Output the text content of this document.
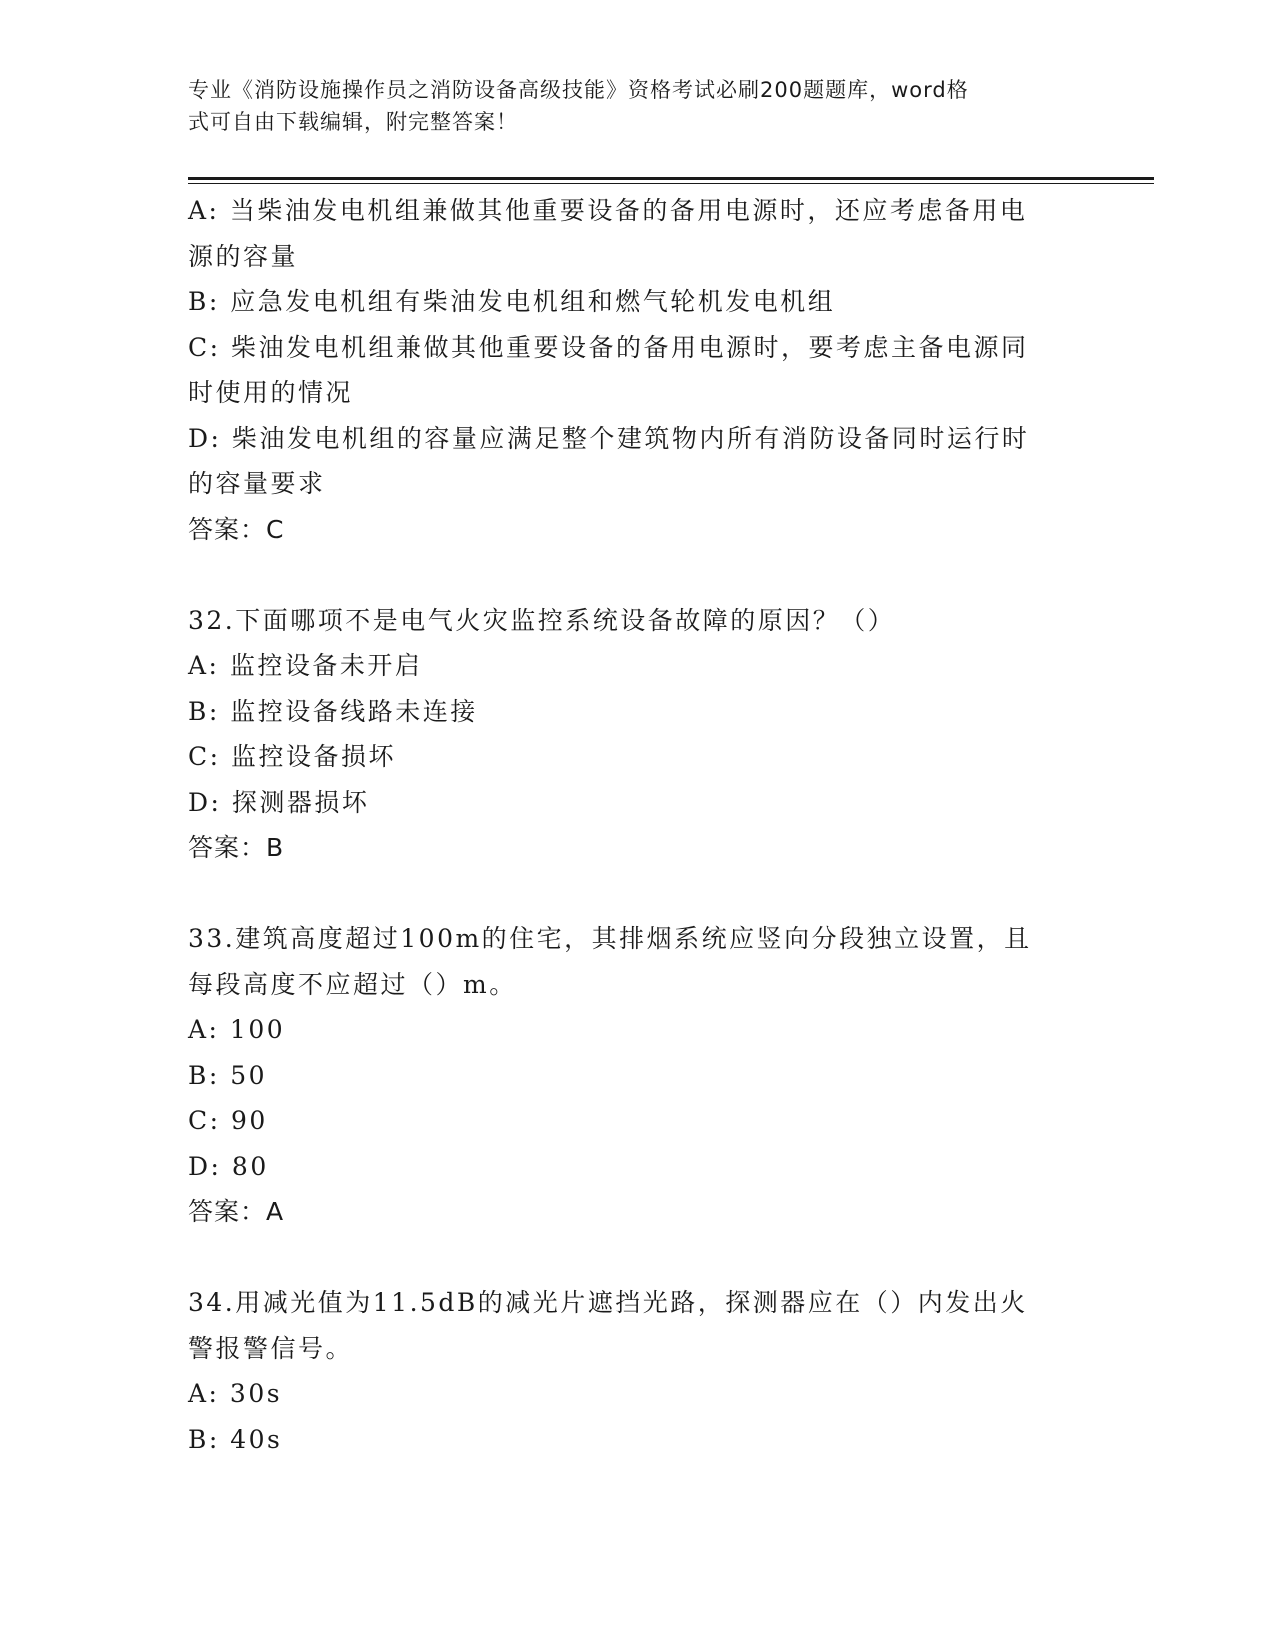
专业《消防设施操作员之消防设备高级技能》资格考试必刷200题题库，word格
式可自由下载编辑，附完整答案！
A: 当柴油发电机组兼做其他重要设备的备用电源时，还应考虑备用电
源的容量
B: 应急发电机组有柴油发电机组和燃气轮机发电机组
C: 柴油发电机组兼做其他重要设备的备用电源时，要考虑主备电源同
时使用的情况
D: 柴油发电机组的容量应满足整个建筑物内所有消防设备同时运行时
的容量要求
答案：C
32.下面哪项不是电气火灾监控系统设备故障的原因？（）
A: 监控设备未开启
B: 监控设备线路未连接
C: 监控设备损坏
D: 探测器损坏
答案：B
33.建筑高度超过100m的住宅，其排烟系统应竖向分段独立设置，且
每段高度不应超过（）m。
A: 100
B: 50
C: 90
D: 80
答案：A
34.用减光值为11.5dB的减光片遮挡光路，探测器应在（）内发出火
警报警信号。
A: 30s
B: 40s
